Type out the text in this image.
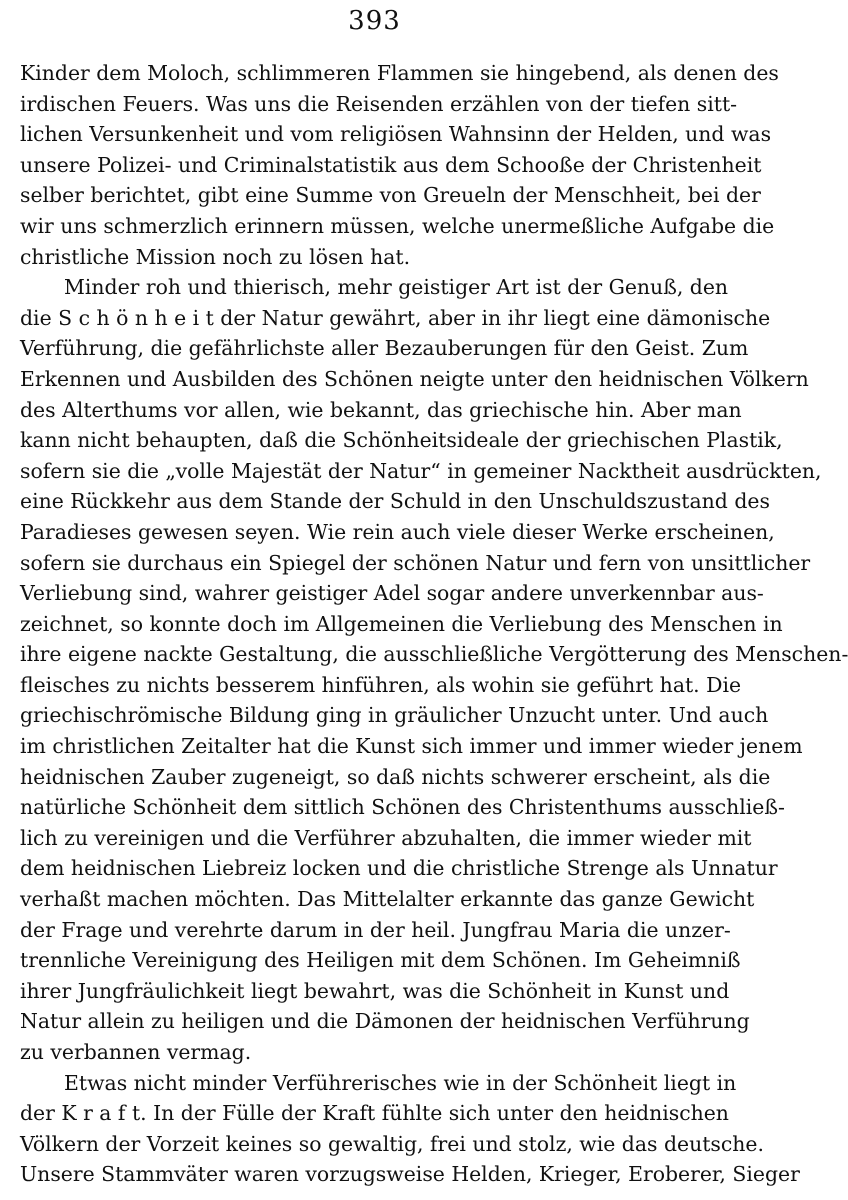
393
Kinder dem Moloch, schlimmeren Flammen sie hingebend, als denen des
irdischen Feuers. Was uns die Reisenden erzählen von der tiefen sitt-
lichen Versunkenheit und vom religiösen Wahnsinn der Helden, und was
unsere Polizei- und Criminalstatistik aus dem Schooße der Christenheit
selber berichtet, gibt eine Summe von Greueln der Menschheit, bei der
wir uns schmerzlich erinnern müssen, welche unermeßliche Aufgabe die
christliche Mission noch zu lösen hat.
Minder roh und thierisch, mehr geistiger Art ist der Genuß, den
die S c h ö n h e i t der Natur gewährt, aber in ihr liegt eine dämonische
Verführung, die gefährlichste aller Bezauberungen für den Geist. Zum
Erkennen und Ausbilden des Schönen neigte unter den heidnischen Völkern
des Alterthums vor allen, wie bekannt, das griechische hin. Aber man
kann nicht behaupten, daß die Schönheitsideale der griechischen Plastik,
sofern sie die „volle Majestät der Natur“ in gemeiner Nacktheit ausdrückten,
eine Rückkehr aus dem Stande der Schuld in den Unschuldszustand des
Paradieses gewesen seyen. Wie rein auch viele dieser Werke erscheinen,
sofern sie durchaus ein Spiegel der schönen Natur und fern von unsittlicher
Verliebung sind, wahrer geistiger Adel sogar andere unverkennbar aus-
zeichnet, so konnte doch im Allgemeinen die Verliebung des Menschen in
ihre eigene nackte Gestaltung, die ausschließliche Vergötterung des Menschen-
fleisches zu nichts besserem hinführen, als wohin sie geführt hat. Die
griechischrömische Bildung ging in gräulicher Unzucht unter. Und auch
im christlichen Zeitalter hat die Kunst sich immer und immer wieder jenem
heidnischen Zauber zugeneigt, so daß nichts schwerer erscheint, als die
natürliche Schönheit dem sittlich Schönen des Christenthums ausschließ-
lich zu vereinigen und die Verführer abzuhalten, die immer wieder mit
dem heidnischen Liebreiz locken und die christliche Strenge als Unnatur
verhaßt machen möchten. Das Mittelalter erkannte das ganze Gewicht
der Frage und verehrte darum in der heil. Jungfrau Maria die unzer-
trennliche Vereinigung des Heiligen mit dem Schönen. Im Geheimniß
ihrer Jungfräulichkeit liegt bewahrt, was die Schönheit in Kunst und
Natur allein zu heiligen und die Dämonen der heidnischen Verführung
zu verbannen vermag.
Etwas nicht minder Verführerisches wie in der Schönheit liegt in
der K r a f t. In der Fülle der Kraft fühlte sich unter den heidnischen
Völkern der Vorzeit keines so gewaltig, frei und stolz, wie das deutsche.
Unsere Stammväter waren vorzugsweise Helden, Krieger, Eroberer, Sieger
